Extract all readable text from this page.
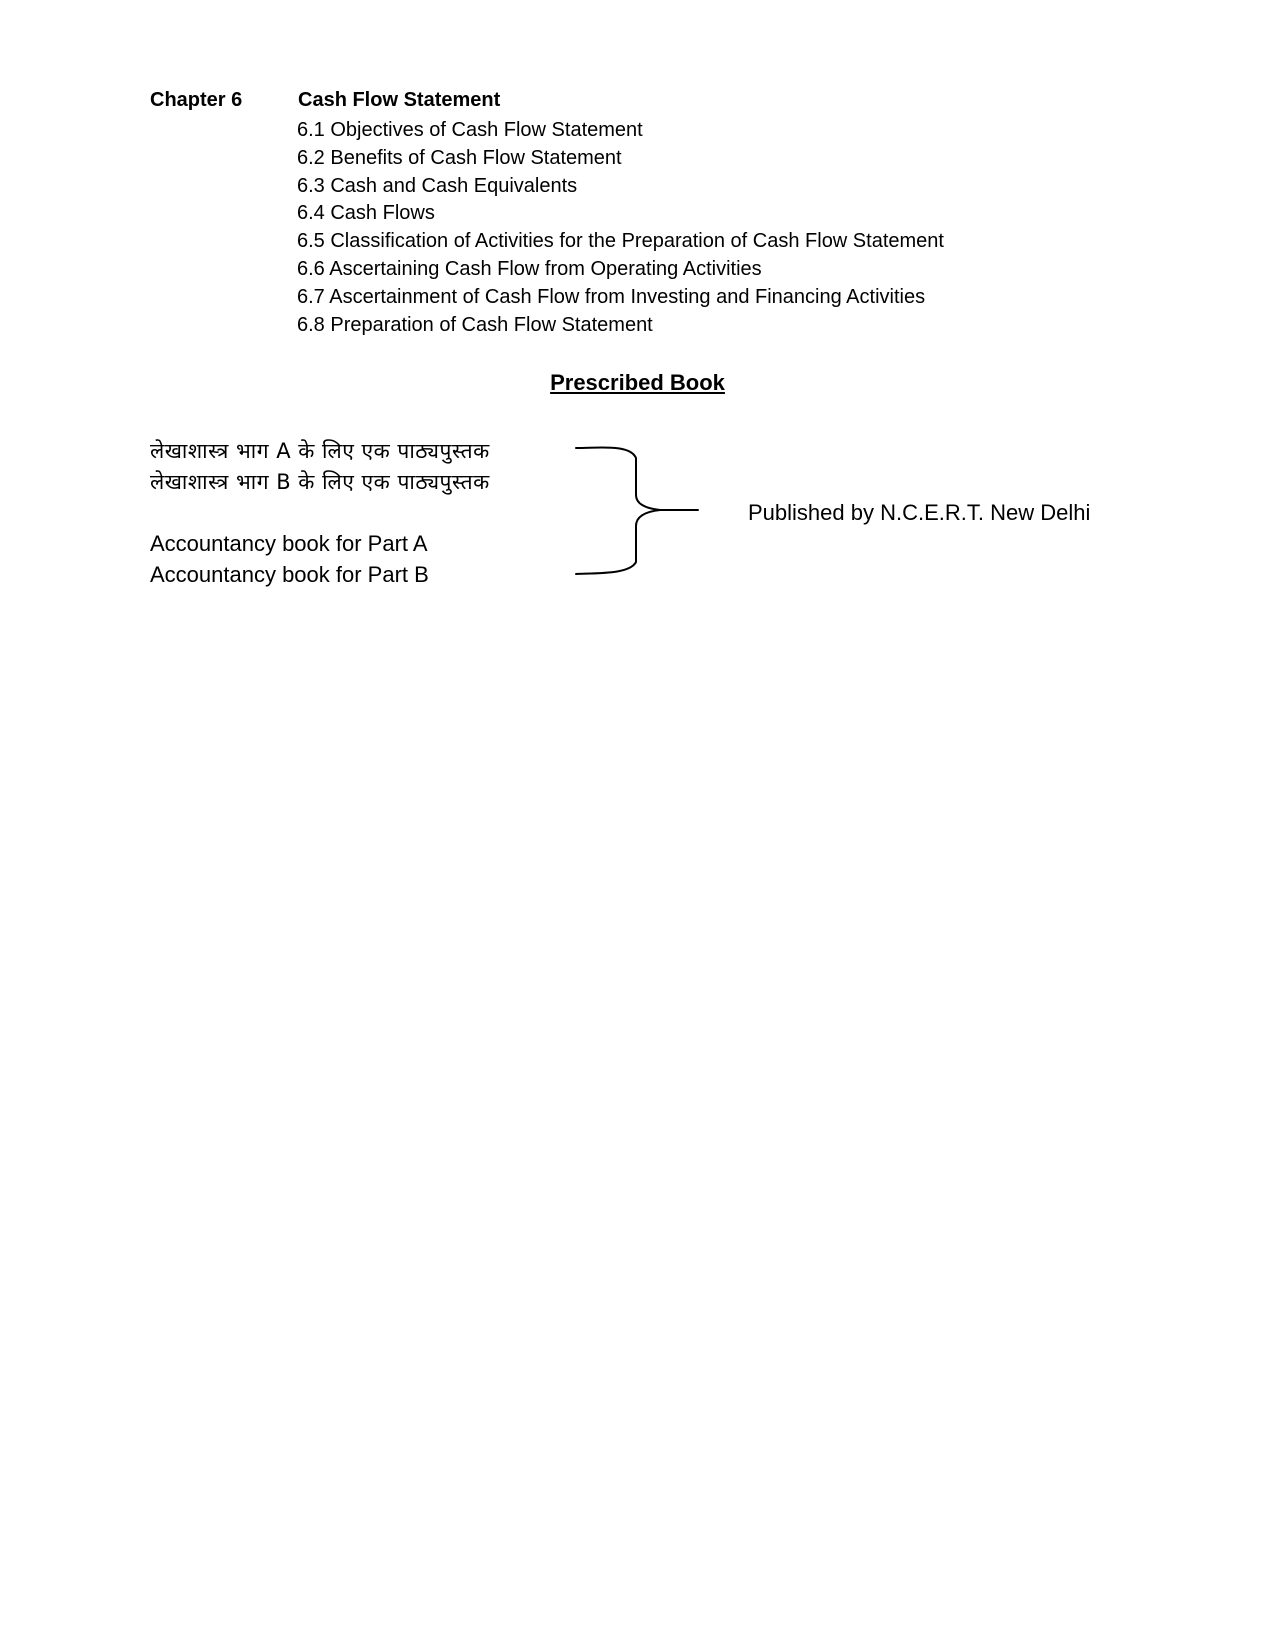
Chapter 6	Cash Flow Statement
6.1 Objectives of Cash Flow Statement
6.2 Benefits of Cash Flow Statement
6.3 Cash and Cash Equivalents
6.4 Cash Flows
6.5 Classification of Activities for the Preparation of Cash Flow Statement
6.6 Ascertaining Cash Flow from Operating Activities
6.7 Ascertainment of Cash Flow from Investing and Financing Activities
6.8 Preparation of Cash Flow Statement
Prescribed Book
लेखाशास्त्र भाग A के लिए एक पाठ्यपुस्तक
लेखाशास्त्र भाग B के लिए एक पाठ्यपुस्तक
Accountancy book for Part A
Accountancy book for Part B
Published by N.C.E.R.T. New Delhi
